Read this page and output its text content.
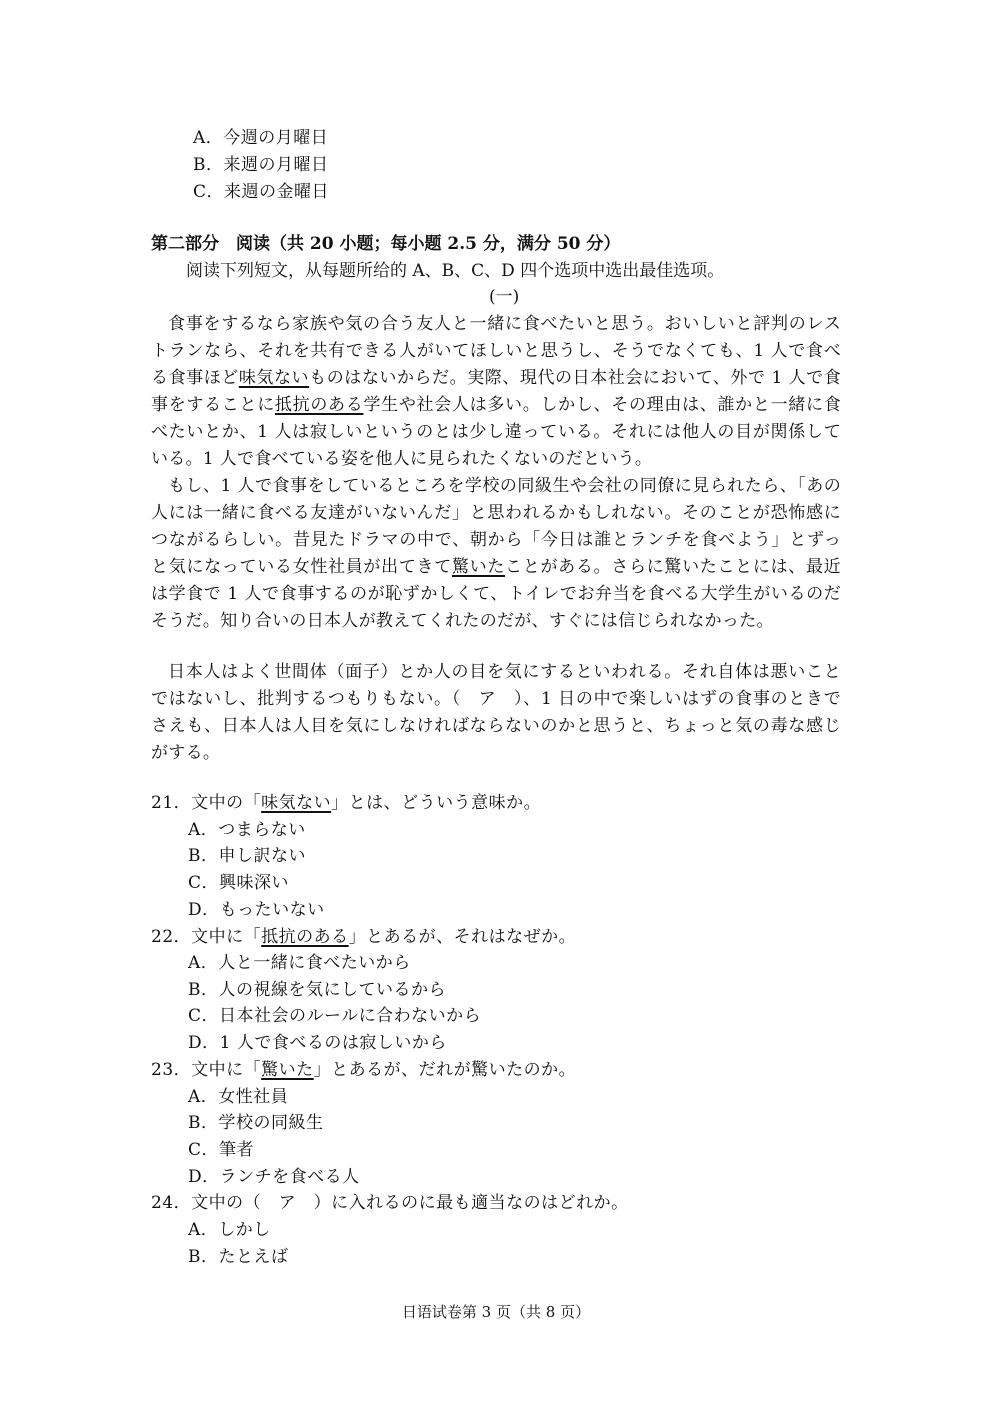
A．今週の月曜日
B．来週の月曜日
C．来週の金曜日
第二部分　阅读（共 20 小题；每小题 2.5 分，满分 50 分）
阅读下列短文，从每题所给的 A、B、C、D 四个选项中选出最佳选项。
(一)
食事をするなら家族や気の合う友人と一緒に食べたいと思う。おいしいと評判のレストランなら、それを共有できる人がいてほしいと思うし、そうでなくても、1 人で食べる食事ほど味気ないものはないからだ。実際、現代の日本社会において、外で 1 人で食事をすることに抵抗のある学生や社会人は多い。しかし、その理由は、誰かと一緒に食べたいとか、1 人は寂しいというのとは少し違っている。それには他人の目が関係している。1 人で食べている姿を他人に見られたくないのだという。
もし、1 人で食事をしているところを学校の同級生や会社の同僚に見られたら、「あの人には一緒に食べる友達がいないんだ」と思われるかもしれない。そのことが恐怖感につながるらしい。昔見たドラマの中で、朝から「今日は誰とランチを食べよう」とずっと気になっている女性社員が出てきて驚いたことがある。さらに驚いたことには、最近は学食で 1 人で食事するのが恥ずかしくて、トイレでお弁当を食べる大学生がいるのだそうだ。知り合いの日本人が教えてくれたのだが、すぐには信じられなかった。
日本人はよく世間体（面子）とか人の目を気にするといわれる。それ自体は悪いことではないし、批判するつもりもない。（　ア　）、1 日の中で楽しいはずの食事のときでさえも、日本人は人目を気にしなければならないのかと思うと、ちょっと気の毒な感じがする。
21．文中の「味気ない」とは、どういう意味か。
A．つまらない
B．申し訳ない
C．興味深い
D．もったいない
22．文中に「抵抗のある」とあるが、それはなぜか。
A．人と一緒に食べたいから
B．人の視線を気にしているから
C．日本社会のルールに合わないから
D．1 人で食べるのは寂しいから
23．文中に「驚いた」とあるが、だれが驚いたのか。
A．女性社員
B．学校の同級生
C．筆者
D．ランチを食べる人
24．文中の（　ア　）に入れるのに最も適当なのはどれか。
A．しかし
B．たとえば
日语试卷第 3 页（共 8 页）
